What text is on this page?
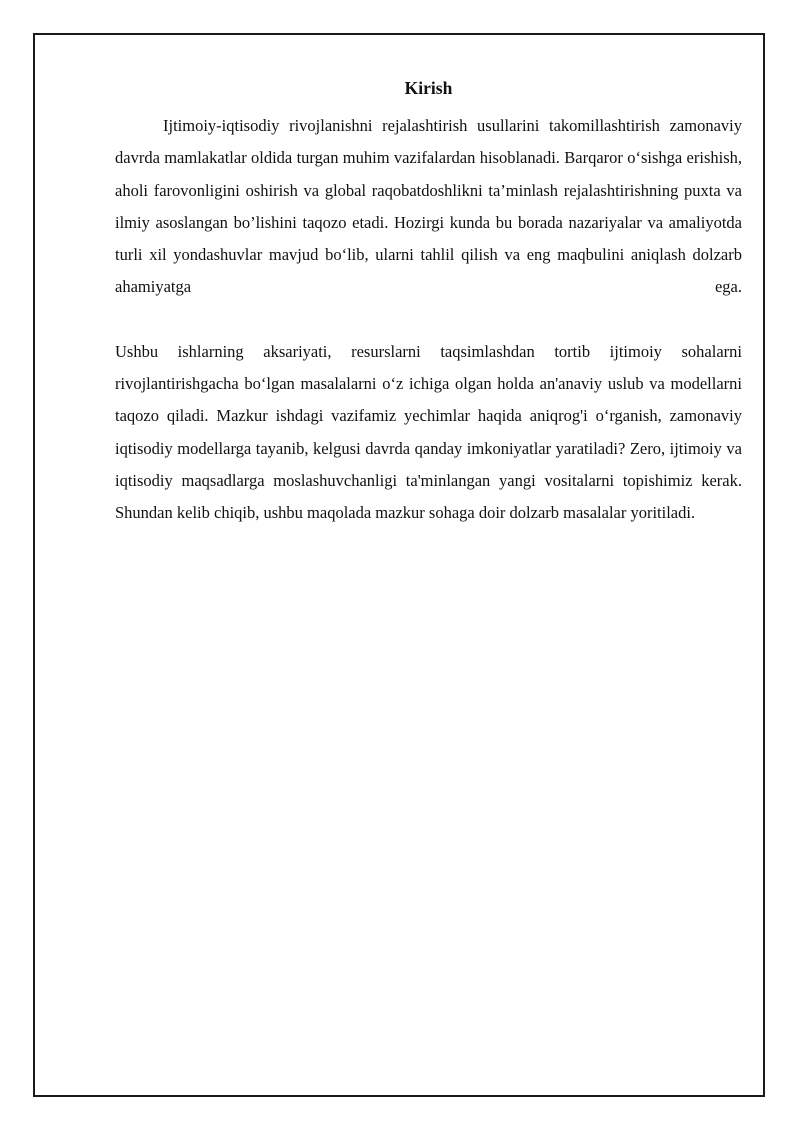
Kirish

Ijtimoiy-iqtisodiy rivojlanishni rejalashtirish usullarini takomillashtirish zamonaviy davrda mamlakatlar oldida turgan muhim vazifalardan hisoblanadi. Barqaror o‘sishga erishish, aholi farovonligini oshirish va global raqobatdoshlikni ta’minlash rejalashtirishning puxta va ilmiy asoslangan bo’lishini taqozo etadi. Hozirgi kunda bu borada nazariyalar va amaliyotda turli xil yondashuvlar mavjud bo‘lib, ularni tahlil qilish va eng maqbulini aniqlash dolzarb ahamiyatga ega.

Ushbu ishlarning aksariyati, resurslarni taqsimlashdan tortib ijtimoiy sohalarni rivojlantirishgacha bo‘lgan masalalarni o‘z ichiga olgan holda an'anaviy uslub va modellarni taqozo qiladi. Mazkur ishdagi vazifamiz yechimlar haqida aniqrog'i o‘rganish, zamonaviy iqtisodiy modellarga tayanib, kelgusi davrda qanday imkoniyatlar yaratiladi? Zero, ijtimoiy va iqtisodiy maqsadlarga moslashuvchanligi ta'minlangan yangi vositalarni topishimiz kerak. Shundan kelib chiqib, ushbu maqolada mazkur sohaga doir dolzarb masalalar yoritiladi.
